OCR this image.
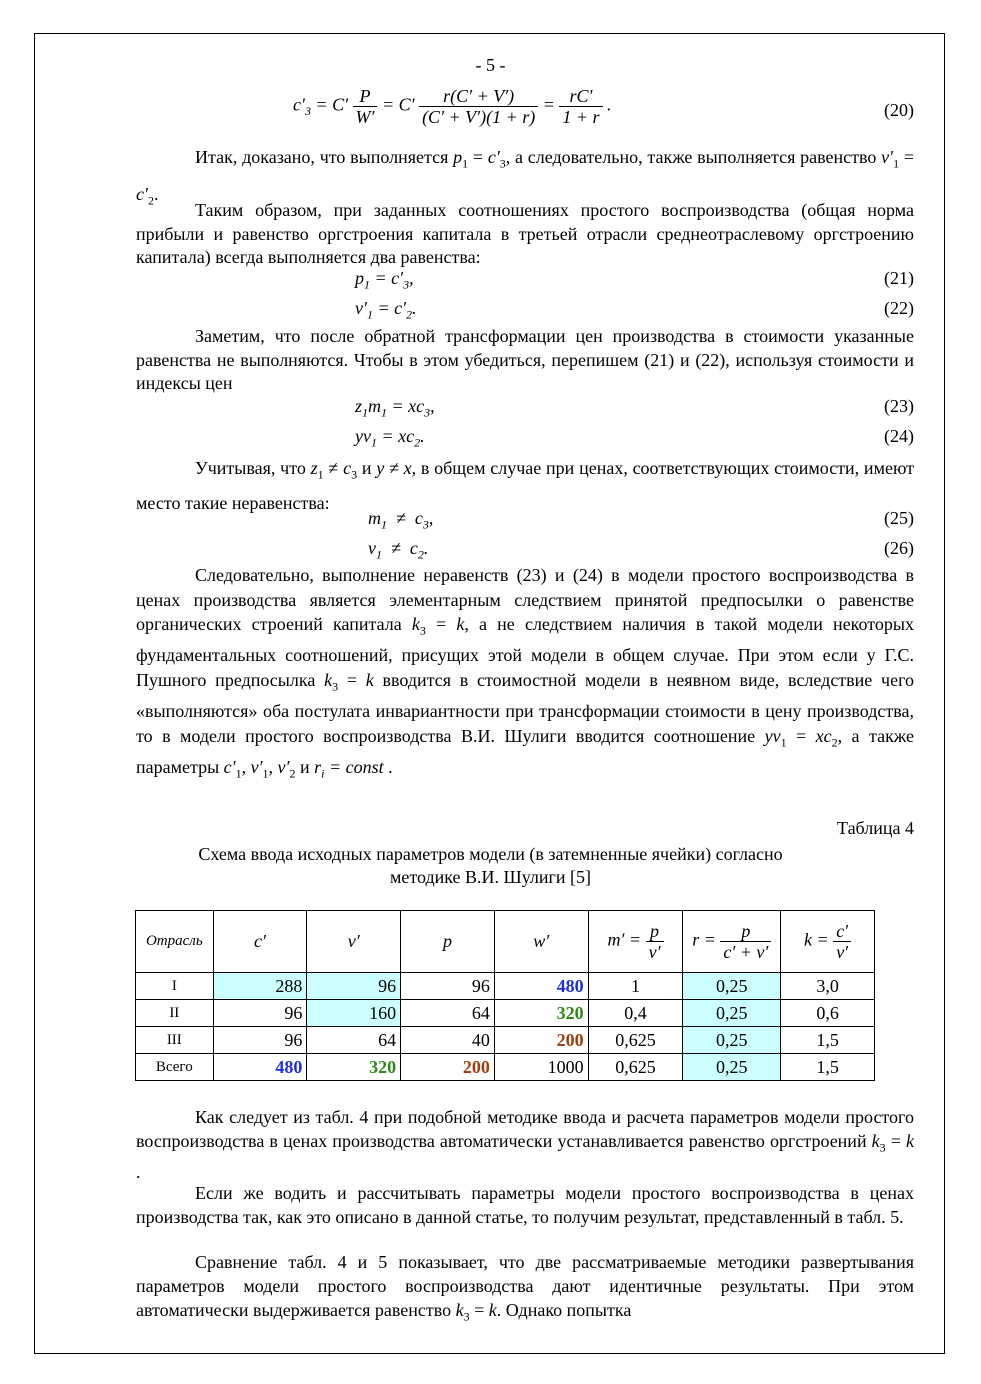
- 5 -
$c'_3 = C' \frac{P}{W'} = C' \frac{r(C' + V')}{(C' + V')(1 + r)} = \frac{rC'}{1 + r}$ .	(20)

Итак, доказано, что выполняется $p_1 = c'_3$, а следовательно, также выполняется равенство $v'_1 = c'_2$.

Таким образом, при заданных соотношениях простого воспроизводства (общая норма прибыли и равенство оргстроения капитала в третьей отрасли среднеотраслевому оргстроению капитала) всегда выполняется два равенства:

$p_1 = c'_3$,	(21)
$v'_1 = c'_2$.	(22)

Заметим, что после обратной трансформации цен производства в стоимости указанные равенства не выполняются. Чтобы в этом убедиться, перепишем (21) и (22), используя стоимости и индексы цен

$z_1m_1 = xc_3$,	(23)
$yv_1 = xc_2$.	(24)

Учитывая, что $z_1 \ne c_3$ и y ≠ x, в общем случае при ценах, соответствующих стоимости, имеют место такие неравенства:

$m_1 \ne c_3$,	(25)
$v_1 \ne c_2$.	(26)

Следовательно, выполнение неравенств (23) и (24) в модели простого воспроизводства в ценах производства является элементарным следствием принятой предпосылки о равенстве органических строений капитала $k_3 = k$, а не следствием наличия в такой модели некоторых фундаментальных соотношений, присущих этой модели в общем случае. При этом если у Г.С. Пушного предпосылка $k_3 = k$ вводится в стоимостной модели в неявном виде, вследствие чего «выполняются» оба постулата инвариантности при трансформации стоимости в цену производства, то в модели простого воспроизводства В.И. Шулиги вводится соотношение $yv_1 = xc_2$, а также параметры $c'_1$, $v'_1$, $v'_2$ и $r_i$ = const .

Таблица 4
Схема ввода исходных параметров модели (в затемненные ячейки) согласно
методике В.И. Шулиги [5]
Отрасль	c′	v′	p	w′	$m' = \frac{p}{v'}$	$r = \frac{p}{c' + v'}$	$k = \frac{c'}{v'}$

I	288	96	96	480	1	0,25	3,0
II	96	160	64	320	0,4	0,25	0,6
III	96	64	40	200	0,625	0,25	1,5
Всего	480	320	200	1000	0,625	0,25	1,5

Как следует из табл. 4 при подобной методике ввода и расчета параметров модели простого воспроизводства в ценах производства автоматически устанавливается равенство оргстроений $k_3 = k$ .

Если же водить и рассчитывать параметры модели простого воспроизводства в ценах производства так, как это описано в данной статье, то получим результат, представленный в табл. 5.

Сравнение табл. 4 и 5 показывает, что две рассматриваемые методики развертывания параметров модели простого воспроизводства дают идентичные результаты. При этом автоматически выдерживается равенство $k_3 = k$. Однако попытка
